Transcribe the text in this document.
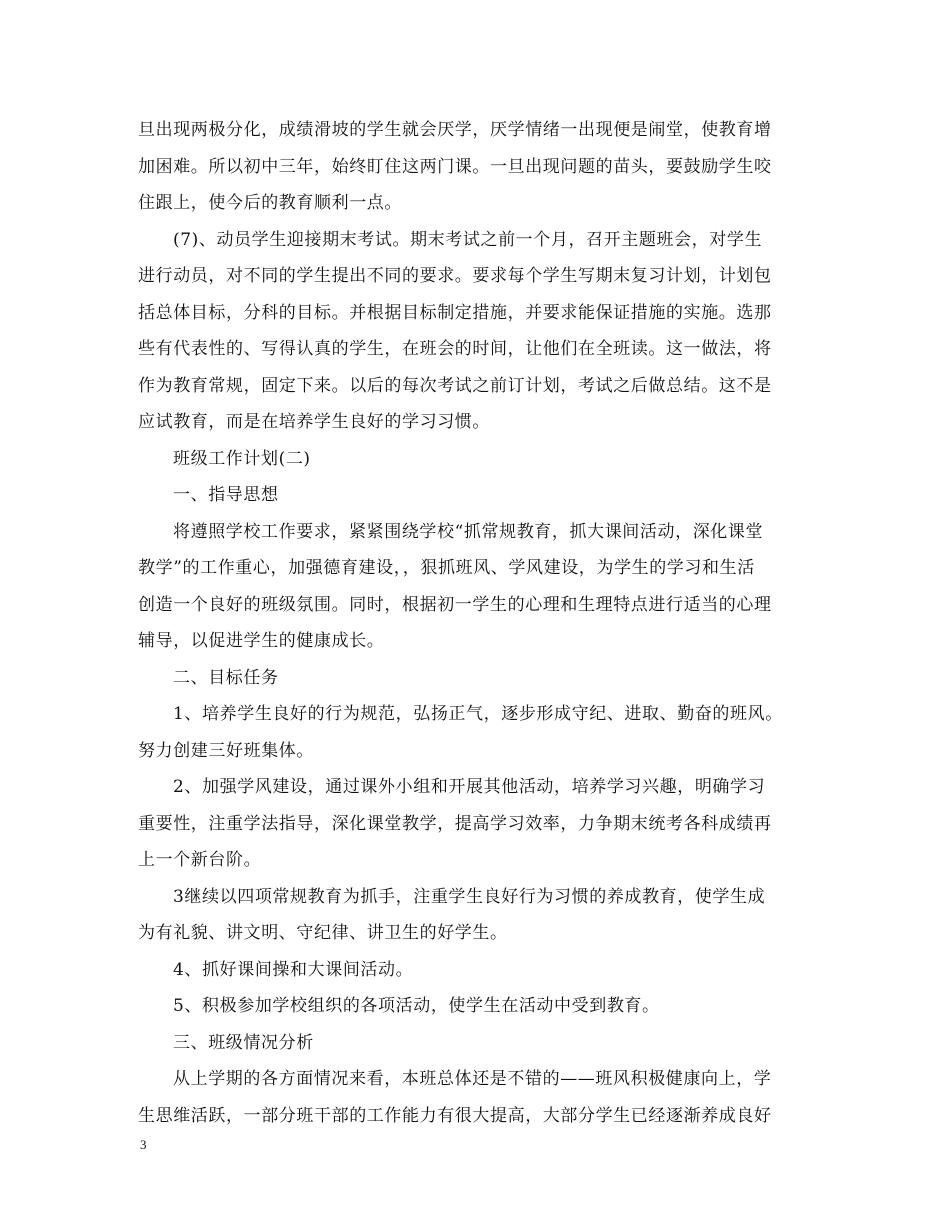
旦出现两极分化，成绩滑坡的学生就会厌学，厌学情绪一出现便是闹堂，使教育增
加困难。所以初中三年，始终盯住这两门课。一旦出现问题的苗头，要鼓励学生咬
住跟上，使今后的教育顺利一点。
(7)、动员学生迎接期末考试。期末考试之前一个月，召开主题班会，对学生
进行动员，对不同的学生提出不同的要求。要求每个学生写期末复习计划，计划包
括总体目标，分科的目标。并根据目标制定措施，并要求能保证措施的实施。选那
些有代表性的、写得认真的学生，在班会的时间，让他们在全班读。这一做法，将
作为教育常规，固定下来。以后的每次考试之前订计划，考试之后做总结。这不是
应试教育，而是在培养学生良好的学习习惯。
班级工作计划(二)
一、指导思想
将遵照学校工作要求，紧紧围绕学校“抓常规教育，抓大课间活动，深化课堂
教学”的工作重心，加强德育建设，，狠抓班风、学风建设，为学生的学习和生活
创造一个良好的班级氛围。同时，根据初一学生的心理和生理特点进行适当的心理
辅导，以促进学生的健康成长。
二、目标任务
1、培养学生良好的行为规范，弘扬正气，逐步形成守纪、进取、勤奋的班风。
努力创建三好班集体。
2、加强学风建设，通过课外小组和开展其他活动，培养学习兴趣，明确学习
重要性，注重学法指导，深化课堂教学，提高学习效率，力争期末统考各科成绩再
上一个新台阶。
3继续以四项常规教育为抓手，注重学生良好行为习惯的养成教育，使学生成
为有礼貌、讲文明、守纪律、讲卫生的好学生。
4、抓好课间操和大课间活动。
5、积极参加学校组织的各项活动，使学生在活动中受到教育。
三、班级情况分析
从上学期的各方面情况来看，本班总体还是不错的——班风积极健康向上，学
生思维活跃，一部分班干部的工作能力有很大提高，大部分学生已经逐渐养成良好
3
